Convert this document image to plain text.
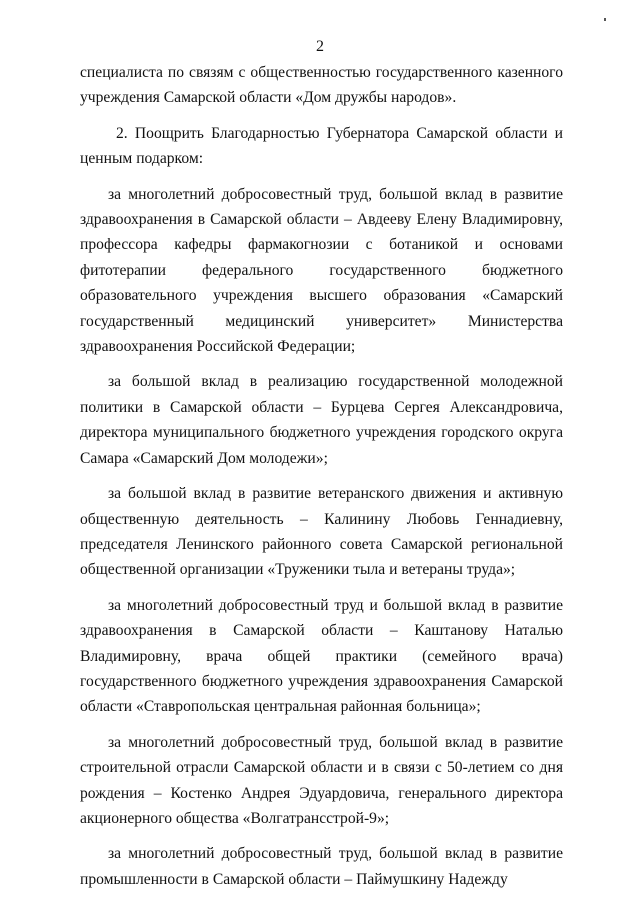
2

специалиста по связям с общественностью государственного казенного учреждения Самарской области «Дом дружбы народов».

2. Поощрить Благодарностью Губернатора Самарской области и ценным подарком:

за многолетний добросовестный труд, большой вклад в развитие здравоохранения в Самарской области – Авдееву Елену Владимировну, профессора кафедры фармакогнозии с ботаникой и основами фитотерапии федерального государственного бюджетного образовательного учреждения высшего образования «Самарский государственный медицинский университет» Министерства здравоохранения Российской Федерации;

за большой вклад в реализацию государственной молодежной политики в Самарской области – Бурцева Сергея Александровича, директора муниципального бюджетного учреждения городского округа Самара «Самарский Дом молодежи»;

за большой вклад в развитие ветеранского движения и активную общественную деятельность – Калинину Любовь Геннадиевну, председателя Ленинского районного совета Самарской региональной общественной организации «Труженики тыла и ветераны труда»;

за многолетний добросовестный труд и большой вклад в развитие здравоохранения в Самарской области – Каштанову Наталью Владимировну, врача общей практики (семейного врача) государственного бюджетного учреждения здравоохранения Самарской области «Ставропольская центральная районная больница»;

за многолетний добросовестный труд, большой вклад в развитие строительной отрасли Самарской области и в связи с 50-летием со дня рождения – Костенко Андрея Эдуардовича, генерального директора акционерного общества «Волгатрансстрой-9»;

за многолетний добросовестный труд, большой вклад в развитие промышленности в Самарской области – Паймушкину Надежду
